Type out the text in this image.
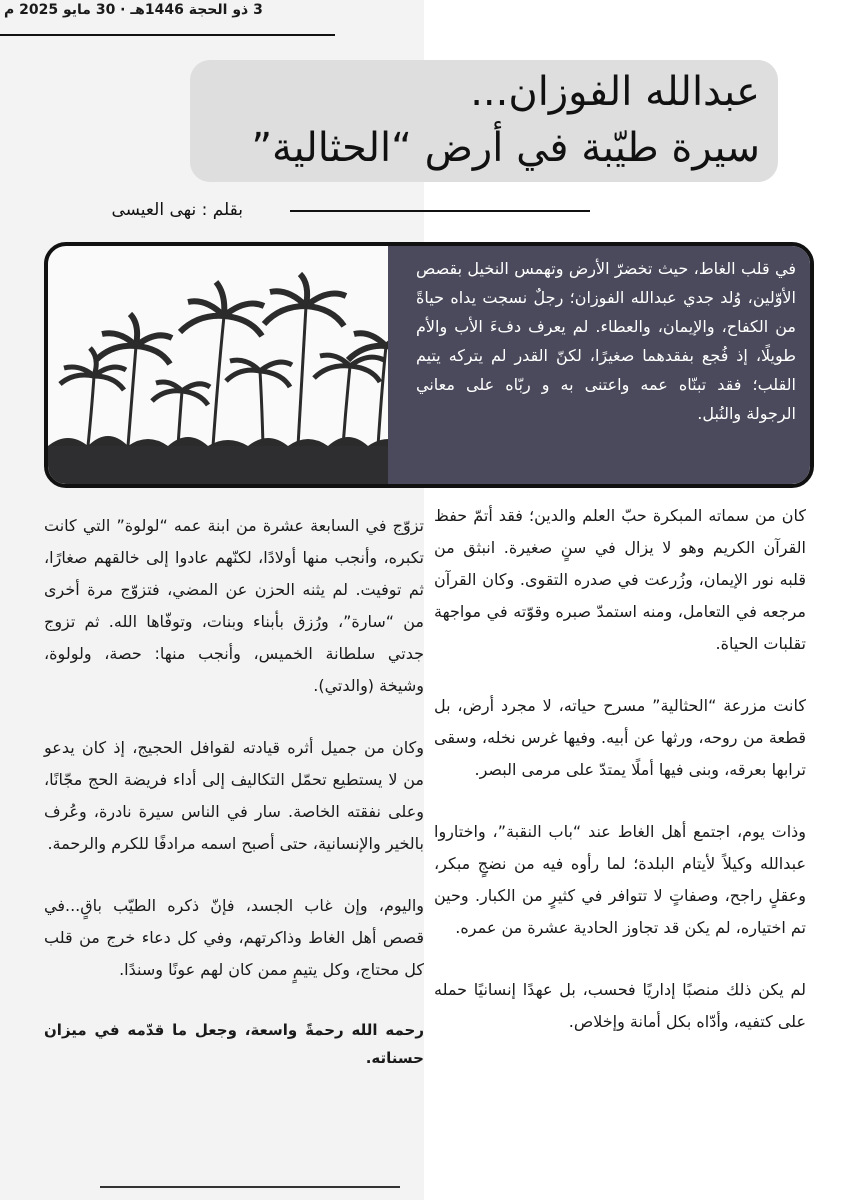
3 ذو الحجة 1446هـ · 30 مايو 2025 م
عبدالله الفوزان...
سيرة طيّبة في أرض “الحثالية”
بقلم : نهى العيسى
في قلب الغاط، حيث تخضرّ الأرض وتهمس النخيل بقصص الأوّلين، وُلد جدي عبدالله الفوزان؛ رجلٌ نسجت يداه حياةً من الكفاح، والإيمان، والعطاء. لم يعرف دفءَ الأب والأم طويلًا، إذ فُجع بفقدهما صغيرًا، لكنّ القدر لم يتركه يتيم القلب؛ فقد تبنّاه عمه واعتنى به و ربّاه على معاني الرجولة والنُبل.

كان من سماته المبكرة حبّ العلم والدين؛ فقد أتمّ حفظ القرآن الكريم وهو لا يزال في سنٍ صغيرة. انبثق من قلبه نور الإيمان، وزُرعت في صدره التقوى. وكان القرآن مرجعه في التعامل، ومنه استمدّ صبره وقوّته في مواجهة تقلبات الحياة.

كانت مزرعة “الحثالية” مسرح حياته، لا مجرد أرض، بل قطعة من روحه، ورثها عن أبيه. وفيها غرس نخله، وسقى ترابها بعرقه، وبنى فيها أملًا يمتدّ على مرمى البصر.

وذات يوم، اجتمع أهل الغاط عند “باب النقبة”، واختاروا عبدالله وكيلاً لأيتام البلدة؛ لما رأوه فيه من نضجٍ مبكر، وعقلٍ راجح، وصفاتٍ لا تتوافر في كثيرٍ من الكبار. وحين تم اختياره، لم يكن قد تجاوز الحادية عشرة من عمره.

لم يكن ذلك منصبًا إداريًا فحسب، بل عهدًا إنسانيًا حمله على كتفيه، وأدّاه بكل أمانة وإخلاص.

تزوّج في السابعة عشرة من ابنة عمه “لولوة” التي كانت تكبره، وأنجب منها أولادًا، لكنّهم عادوا إلى خالقهم صغارًا، ثم توفيت. لم يثنه الحزن عن المضي، فتزوّج مرة أخرى من “سارة”، ورُزق بأبناء وبنات، وتوفّاها الله. ثم تزوج جدتي سلطانة الخميس، وأنجب منها: حصة، ولولوة، وشيخة (والدتي).

وكان من جميل أثره قيادته لقوافل الحجيج، إذ كان يدعو من لا يستطيع تحمّل التكاليف إلى أداء فريضة الحج مجّانًا، وعلى نفقته الخاصة. سار في الناس سيرة نادرة، وعُرف بالخير والإنسانية، حتى أصبح اسمه مرادفًا للكرم والرحمة.

واليوم، وإن غاب الجسد، فإنّ ذكره الطيّب باقٍ...في قصص أهل الغاط وذاكرتهم، وفي كل دعاء خرج من قلب كل محتاج، وكل يتيمٍ ممن كان لهم عونًا وسندًا.

رحمه الله رحمةً واسعة، وجعل ما قدّمه في ميزان حسناته.
